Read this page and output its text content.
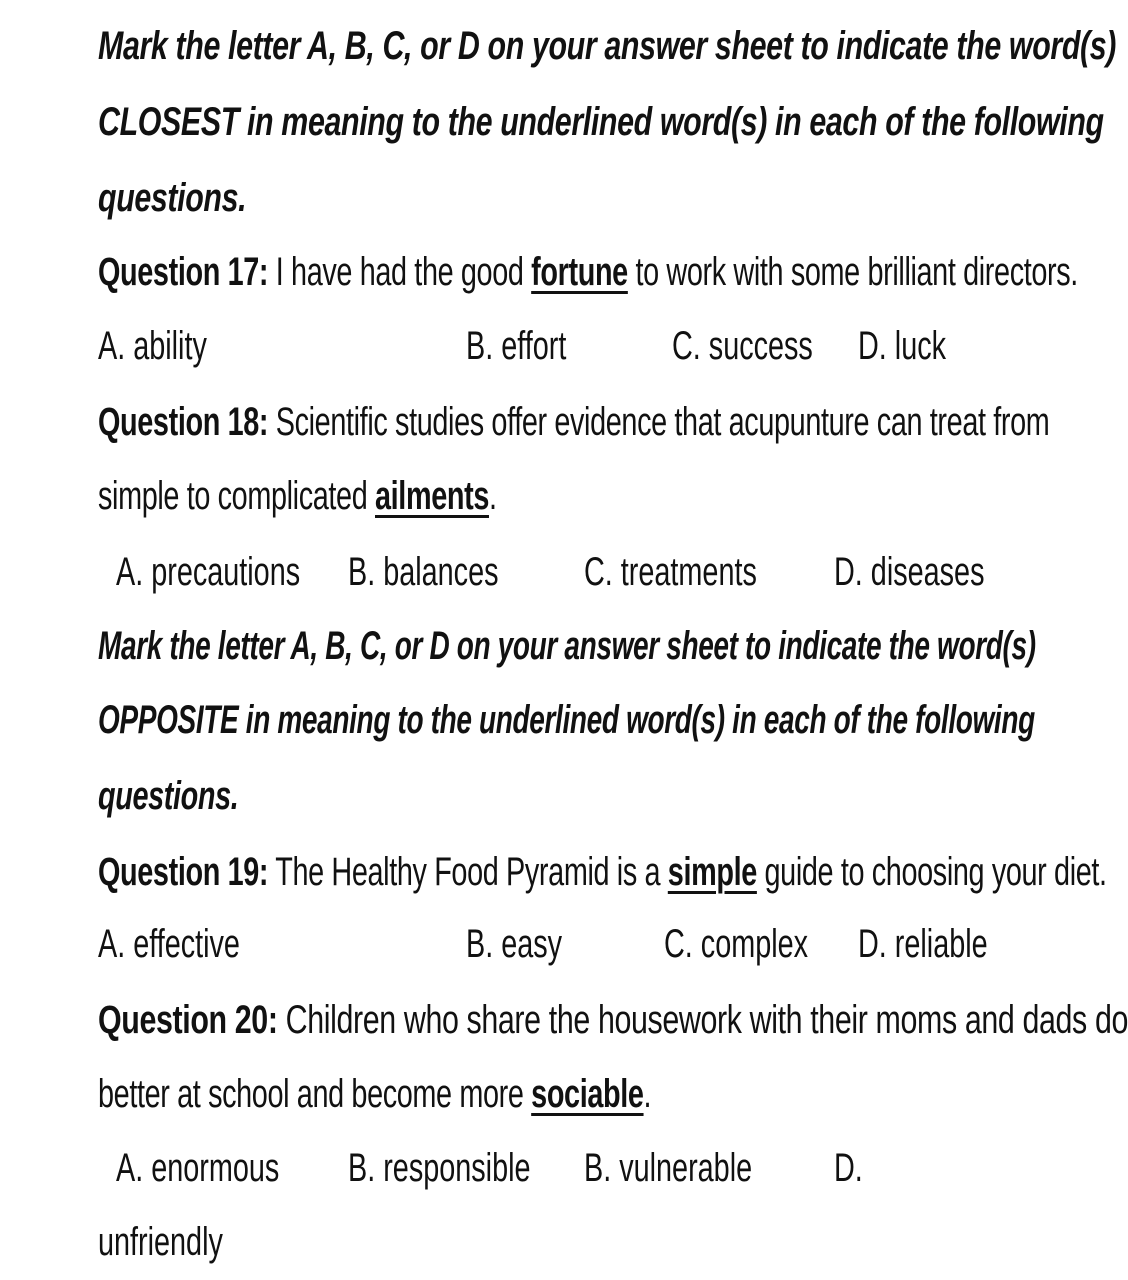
Mark the letter A, B, C, or D on your answer sheet to indicate the word(s)
CLOSEST in meaning to the underlined word(s) in each of the following
questions.
Question 17: I have had the good fortune to work with some brilliant directors.
A. ability	B. effort	C. success D. luck
Question 18: Scientific studies offer evidence that acupunture can treat from
simple to complicated ailments.
A. precautions B. balances C. treatments D. diseases
Mark the letter A, B, C, or D on your answer sheet to indicate the word(s)
OPPOSITE in meaning to the underlined word(s) in each of the following
questions.
Question 19: The Healthy Food Pyramid is a simple guide to choosing your diet.
A. effective	B. easy	C. complex D. reliable
Question 20: Children who share the housework with their moms and dads do
better at school and become more sociable.
A. enormous B. responsible B. vulnerable D.
unfriendly
